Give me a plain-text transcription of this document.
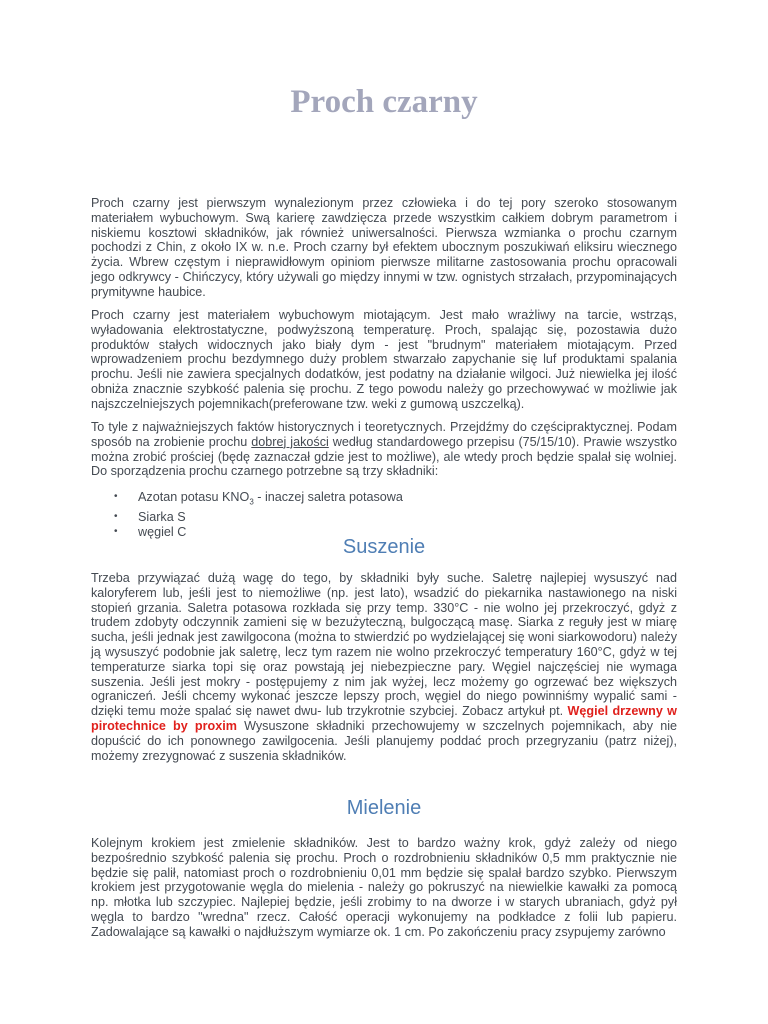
Proch czarny

Proch czarny jest pierwszym wynalezionym przez człowieka i do tej pory szeroko stosowanym materiałem wybuchowym. Swą karierę zawdzięcza przede wszystkim całkiem dobrym parametrom i niskiemu kosztowi składników, jak również uniwersalności. Pierwsza wzmianka o prochu czarnym pochodzi z Chin, z około IX w. n.e. Proch czarny był efektem ubocznym poszukiwań eliksiru wiecznego życia. Wbrew częstym i nieprawidłowym opiniom pierwsze militarne zastosowania prochu opracowali jego odkrywcy - Chińczycy, który używali go między innymi w tzw. ognistych strzałach, przypominających prymitywne haubice.

Proch czarny jest materiałem wybuchowym miotającym. Jest mało wrażliwy na tarcie, wstrząs, wyładowania elektrostatyczne, podwyższoną temperaturę. Proch, spalając się, pozostawia dużo produktów stałych widocznych jako biały dym - jest "brudnym" materiałem miotającym. Przed wprowadzeniem prochu bezdymnego duży problem stwarzało zapychanie się luf produktami spalania prochu. Jeśli nie zawiera specjalnych dodatków, jest podatny na działanie wilgoci. Już niewielka jej ilość obniża znacznie szybkość palenia się prochu. Z tego powodu należy go przechowywać w możliwie jak najszczelniejszych pojemnikach(preferowane tzw. weki z gumową uszczelką).

To tyle z najważniejszych faktów historycznych i teoretycznych. Przejdźmy do częścipraktycznej. Podam sposób na zrobienie prochu dobrej jakości według standardowego przepisu (75/15/10). Prawie wszystko można zrobić prościej (będę zaznaczał gdzie jest to możliwe), ale wtedy proch będzie spalał się wolniej. Do sporządzenia prochu czarnego potrzebne są trzy składniki:

• Azotan potasu $KNO_3$ - inaczej saletra potasowa
• Siarka S
• węgiel C
Suszenie

Trzeba przywiązać dużą wagę do tego, by składniki były suche. Saletrę najlepiej wysuszyć nad kaloryferem lub, jeśli jest to niemożliwe (np. jest lato), wsadzić do piekarnika nastawionego na niski stopień grzania. Saletra potasowa rozkłada się przy temp. 330°C - nie wolno jej przekroczyć, gdyż z trudem zdobyty odczynnik zamieni się w bezużyteczną, bulgoczącą masę. Siarka z reguły jest w miarę sucha, jeśli jednak jest zawilgocona (można to stwierdzić po wydzielającej się woni siarkowodoru) należy ją wysuszyć podobnie jak saletrę, lecz tym razem nie wolno przekroczyć temperatury 160°C, gdyż w tej temperaturze siarka topi się oraz powstają jej niebezpieczne pary. Węgiel najczęściej nie wymaga suszenia. Jeśli jest mokry - postępujemy z nim jak wyżej, lecz możemy go ogrzewać bez większych ograniczeń. Jeśli chcemy wykonać jeszcze lepszy proch, węgiel do niego powinniśmy wypalić sami - dzięki temu może spalać się nawet dwu- lub trzykrotnie szybciej. Zobacz artykuł pt. Węgiel drzewny w pirotechnice by proxim Wysuszone składniki przechowujemy w szczelnych pojemnikach, aby nie dopuścić do ich ponownego zawilgocenia. Jeśli planujemy poddać proch przegryzaniu (patrz niżej), możemy zrezygnować z suszenia składników.

Mielenie

Kolejnym krokiem jest zmielenie składników. Jest to bardzo ważny krok, gdyż zależy od niego bezpośrednio szybkość palenia się prochu. Proch o rozdrobnieniu składników 0,5 mm praktycznie nie będzie się palił, natomiast proch o rozdrobnieniu 0,01 mm będzie się spalał bardzo szybko. Pierwszym krokiem jest przygotowanie węgla do mielenia - należy go pokruszyć na niewielkie kawałki za pomocą np. młotka lub szczypiec. Najlepiej będzie, jeśli zrobimy to na dworze i w starych ubraniach, gdyż pył węgla to bardzo "wredna" rzecz. Całość operacji wykonujemy na podkładce z folii lub papieru. Zadowalające są kawałki o najdłuższym wymiarze ok. 1 cm. Po zakończeniu pracy zsypujemy zarówno
